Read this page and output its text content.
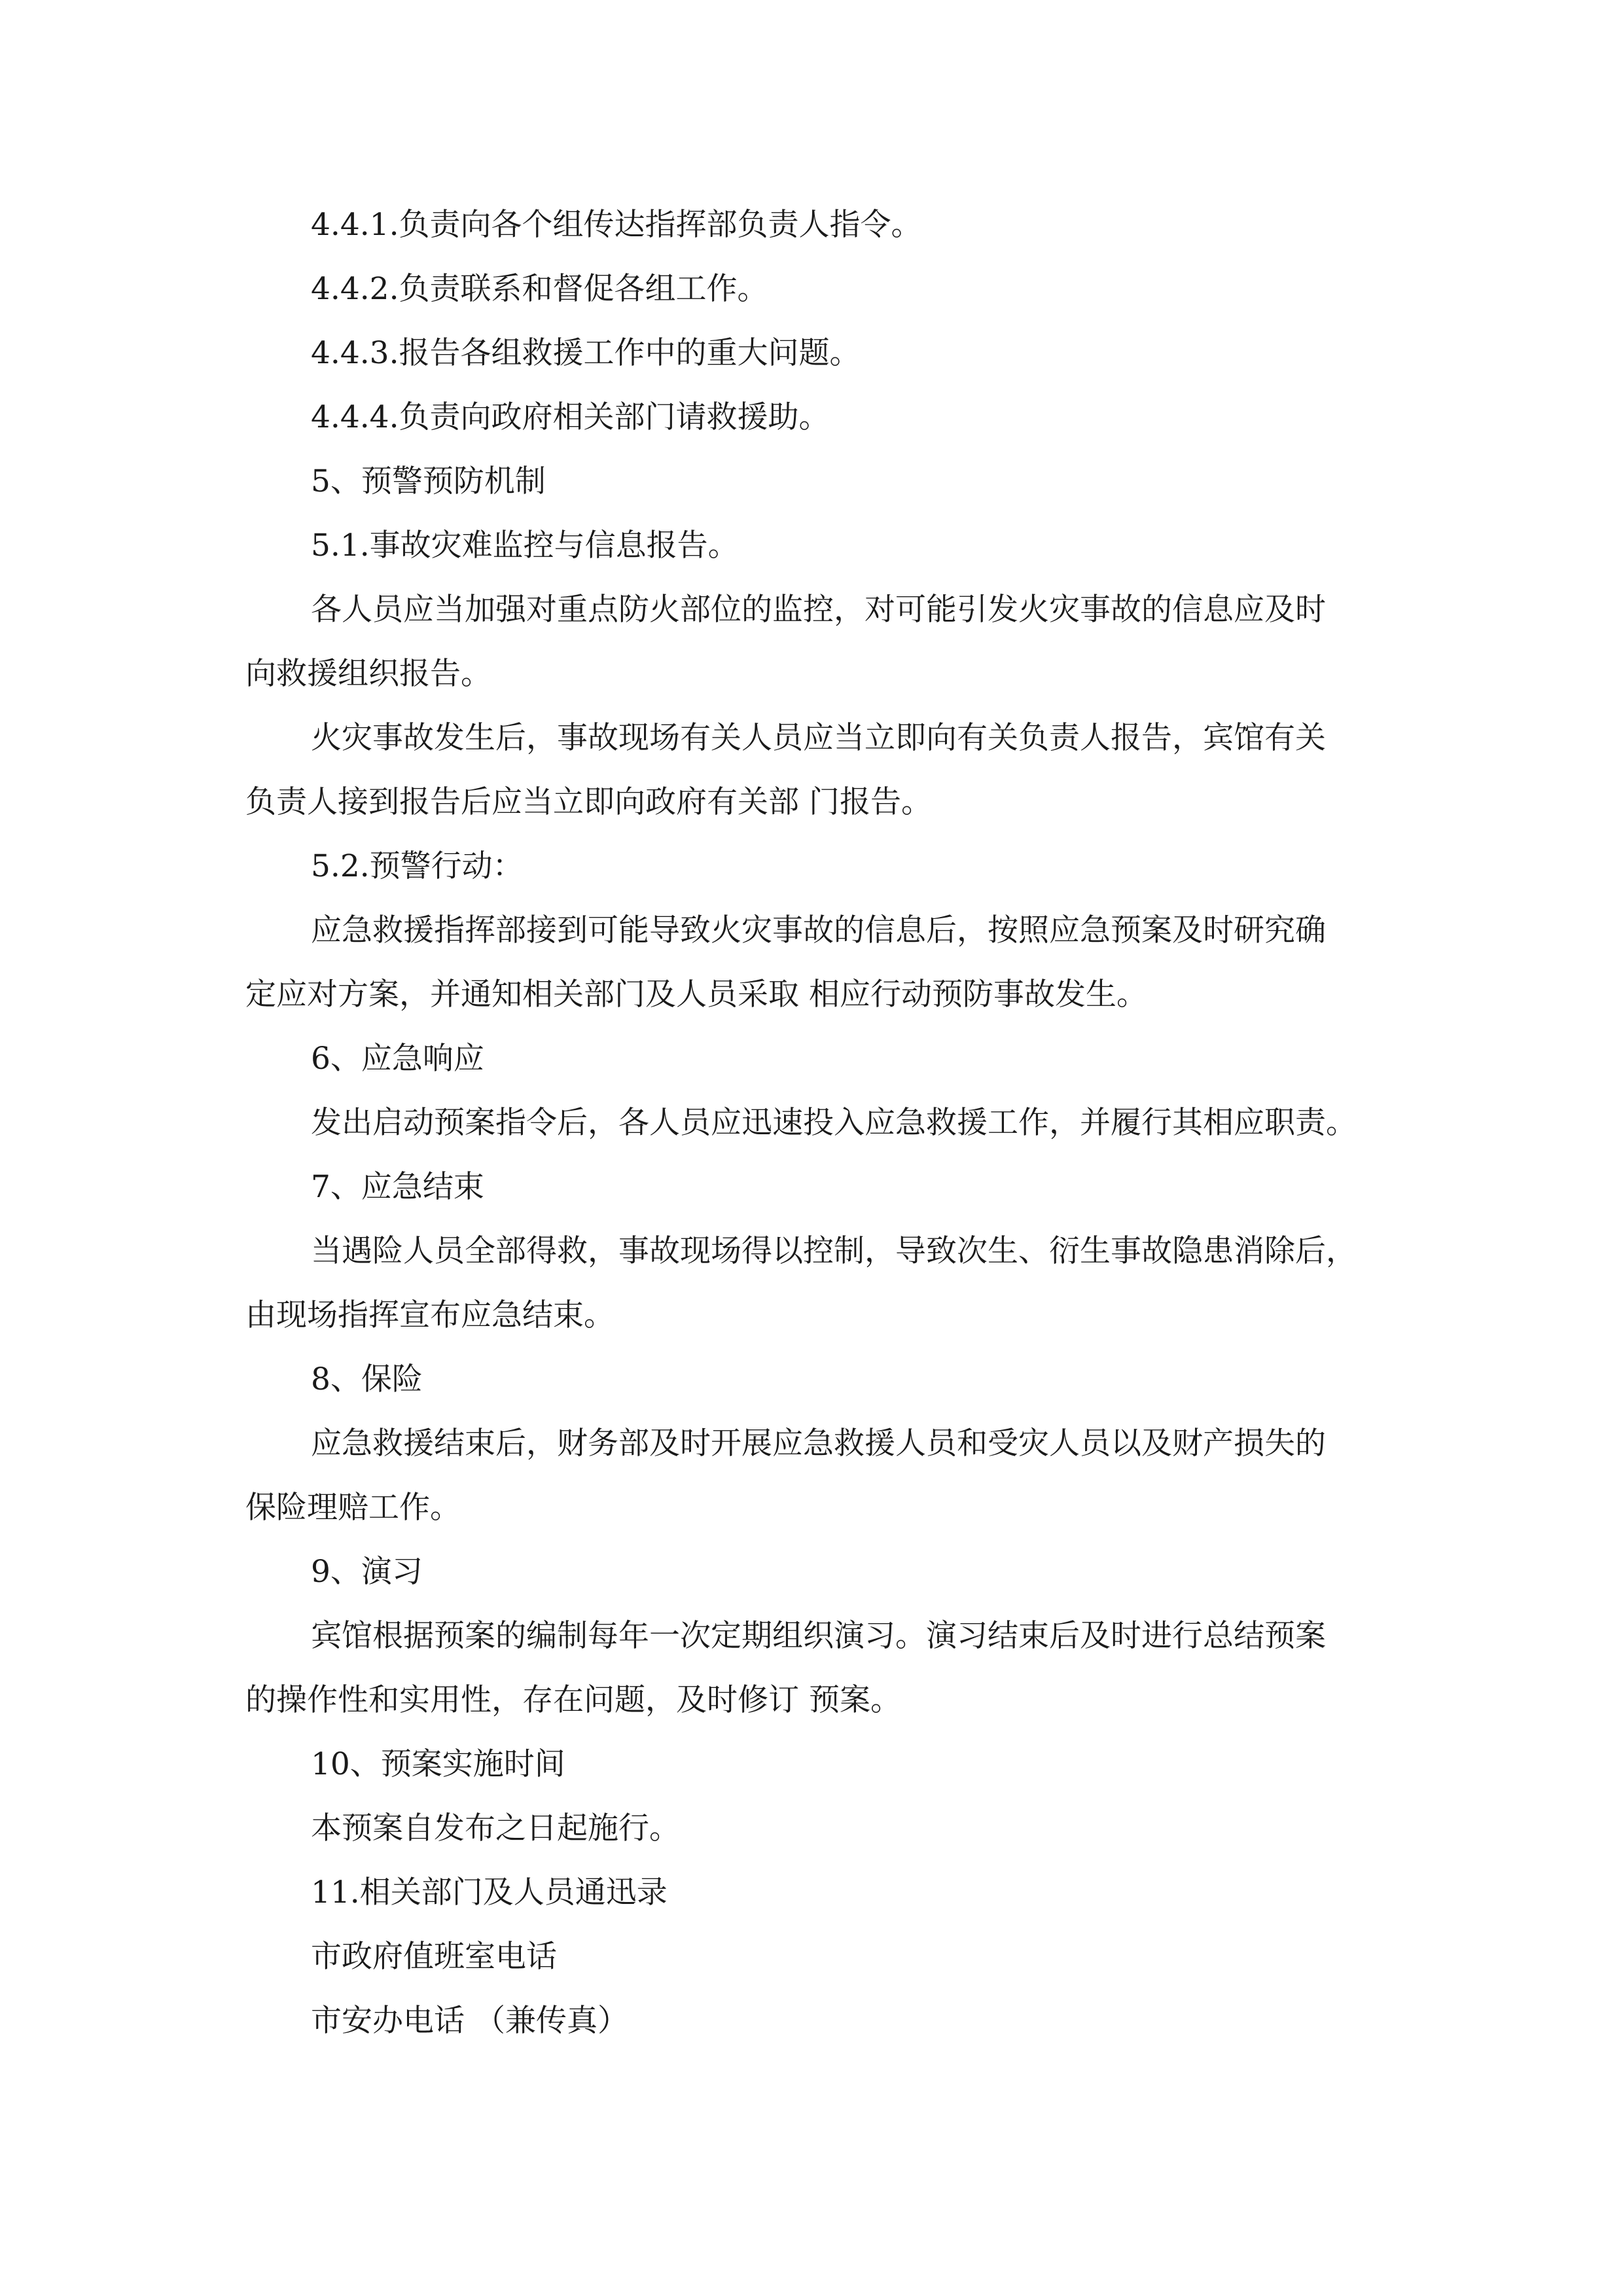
4.4.1.负责向各个组传达指挥部负责人指令。
4.4.2.负责联系和督促各组工作。
4.4.3.报告各组救援工作中的重大问题。
4.4.4.负责向政府相关部门请救援助。
5、预警预防机制
5.1.事故灾难监控与信息报告。
各人员应当加强对重点防火部位的监控，对可能引发火灾事故的信息应及时
向救援组织报告。
火灾事故发生后，事故现场有关人员应当立即向有关负责人报告，宾馆有关
负责人接到报告后应当立即向政府有关部 门报告。
5.2.预警行动：
应急救援指挥部接到可能导致火灾事故的信息后，按照应急预案及时研究确
定应对方案，并通知相关部门及人员采取 相应行动预防事故发生。
6、应急响应
发出启动预案指令后，各人员应迅速投入应急救援工作，并履行其相应职责。
7、应急结束
当遇险人员全部得救，事故现场得以控制，导致次生、衍生事故隐患消除后，
由现场指挥宣布应急结束。
8、保险
应急救援结束后，财务部及时开展应急救援人员和受灾人员以及财产损失的
保险理赔工作。
9、演习
宾馆根据预案的编制每年一次定期组织演习。演习结束后及时进行总结预案
的操作性和实用性，存在问题，及时修订 预案。
10、预案实施时间
本预案自发布之日起施行。
11.相关部门及人员通迅录
市政府值班室电话
市安办电话 （兼传真）
